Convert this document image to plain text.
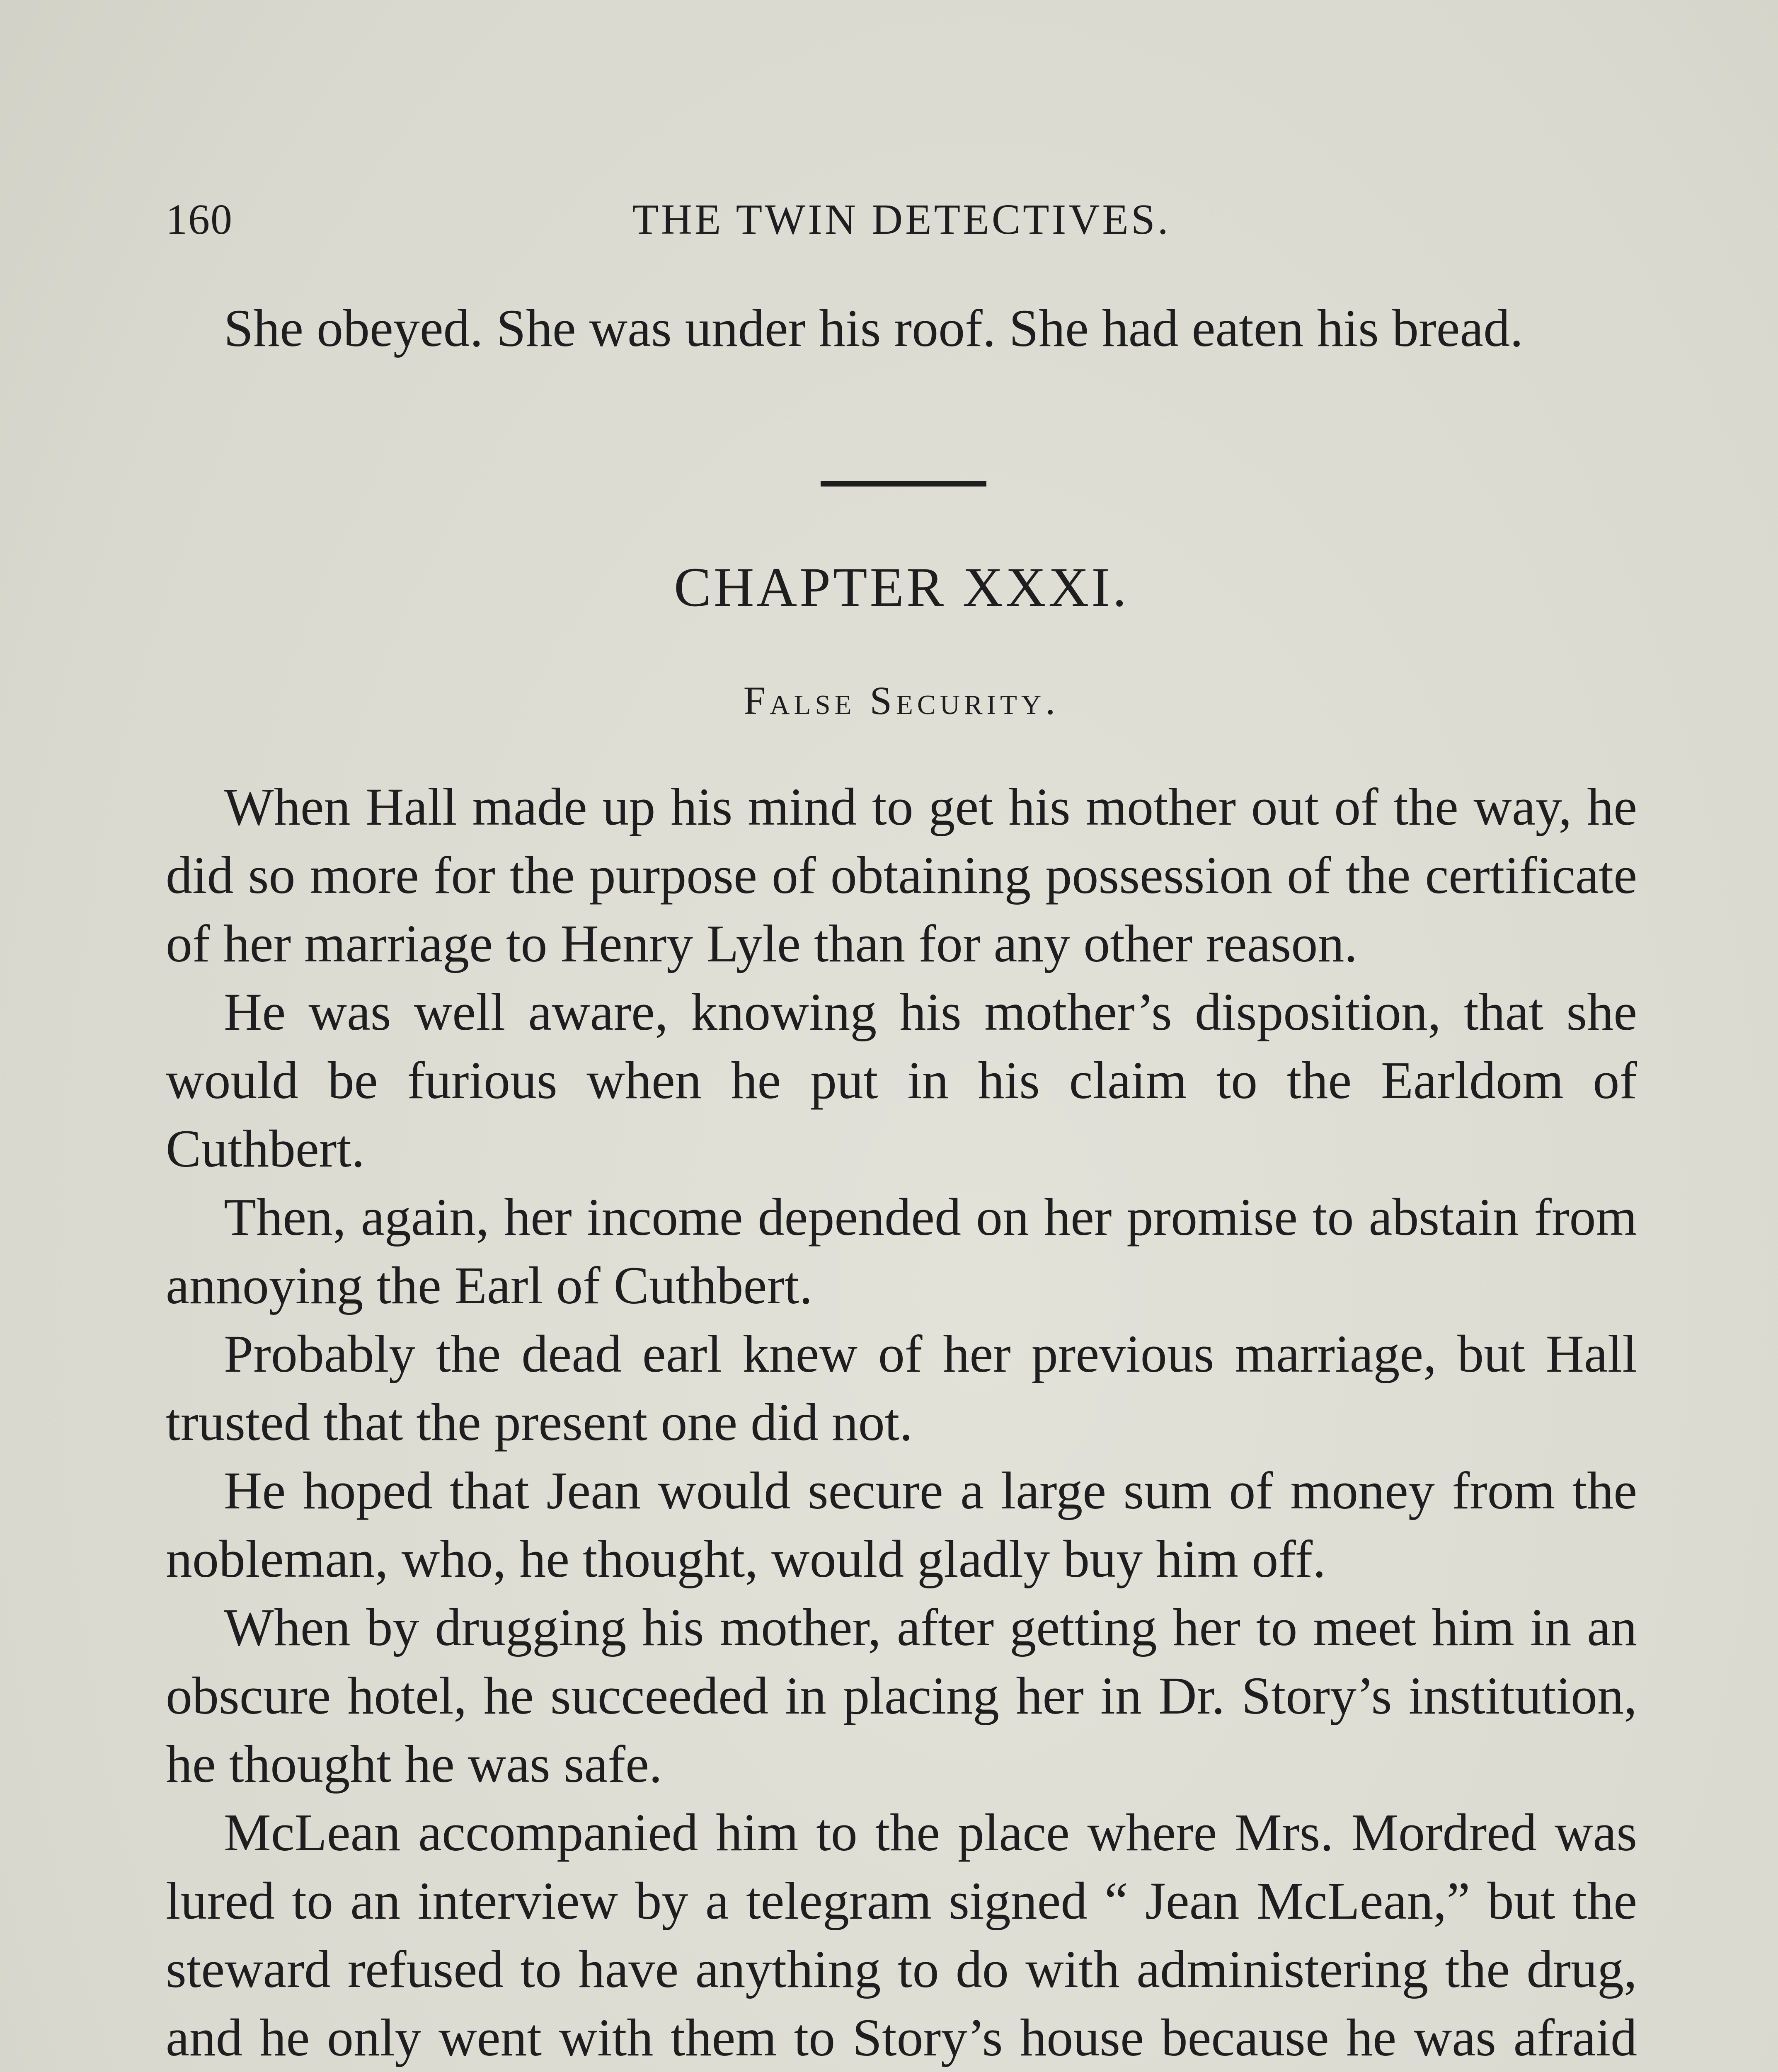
160	THE TWIN DETECTIVES.

She obeyed. She was under his roof. She had eaten his bread.

CHAPTER XXXI.
False Security.

When Hall made up his mind to get his mother out of the way, he did so more for the purpose of obtaining possession of the certificate of her marriage to Henry Lyle than for any other reason.

He was well aware, knowing his mother’s disposition, that she would be furious when he put in his claim to the Earldom of Cuthbert.

Then, again, her income depended on her promise to abstain from annoying the Earl of Cuthbert.

Probably the dead earl knew of her previous marriage, but Hall trusted that the present one did not.

He hoped that Jean would secure a large sum of money from the nobleman, who, he thought, would gladly buy him off.

When by drugging his mother, after getting her to meet him in an obscure hotel, he succeeded in placing her in Dr. Story’s institution, he thought he was safe.

McLean accompanied him to the place where Mrs. Mordred was lured to an interview by a telegram signed “ Jean McLean,” but the steward refused to have anything to do with administering the drug, and he only went with them to Story’s house because he was afraid
